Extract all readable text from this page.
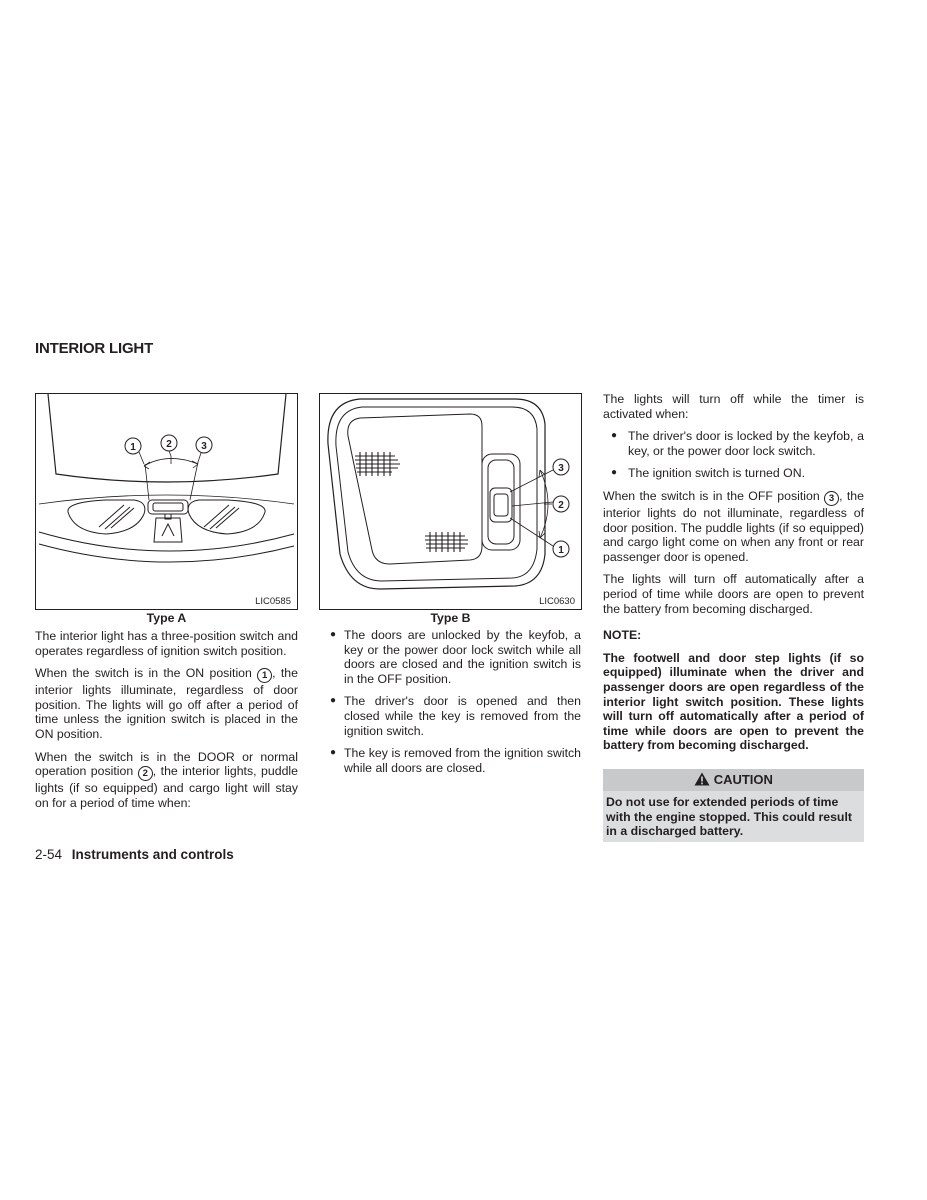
INTERIOR LIGHT
1	2	3
LIC0585
Type A
3
2
1
LIC0630
Type B

The interior light has a three-position switch and operates regardless of ignition switch position.

When the switch is in the ON position 1 , the interior lights illuminate, regardless of door position. The lights will go off after a period of time unless the ignition switch is placed in the ON position.

When the switch is in the DOOR or normal operation position 2 , the interior lights, puddle lights (if so equipped) and cargo light will stay on for a period of time when:

● The doors are unlocked by the keyfob, a key or the power door lock switch while all doors are closed and the ignition switch is in the OFF position.
● The driver's door is opened and then closed while the key is removed from the ignition switch.
● The key is removed from the ignition switch while all doors are closed.

The lights will turn off while the timer is activated when:

● The driver's door is locked by the keyfob, a key, or the power door lock switch.
● The ignition switch is turned ON.

When the switch is in the OFF position 3 , the interior lights do not illuminate, regardless of door position. The puddle lights (if so equipped) and cargo light come on when any front or rear passenger door is opened.

The lights will turn off automatically after a period of time while doors are open to prevent the battery from becoming discharged.

NOTE:

The footwell and door step lights (if so equipped) illuminate when the driver and passenger doors are open regardless of the interior light switch position. These lights will turn off automatically after a period of time while doors are open to prevent the battery from becoming discharged.

CAUTION
Do not use for extended periods of time with the engine stopped. This could result in a discharged battery.
2-54 Instruments and controls
